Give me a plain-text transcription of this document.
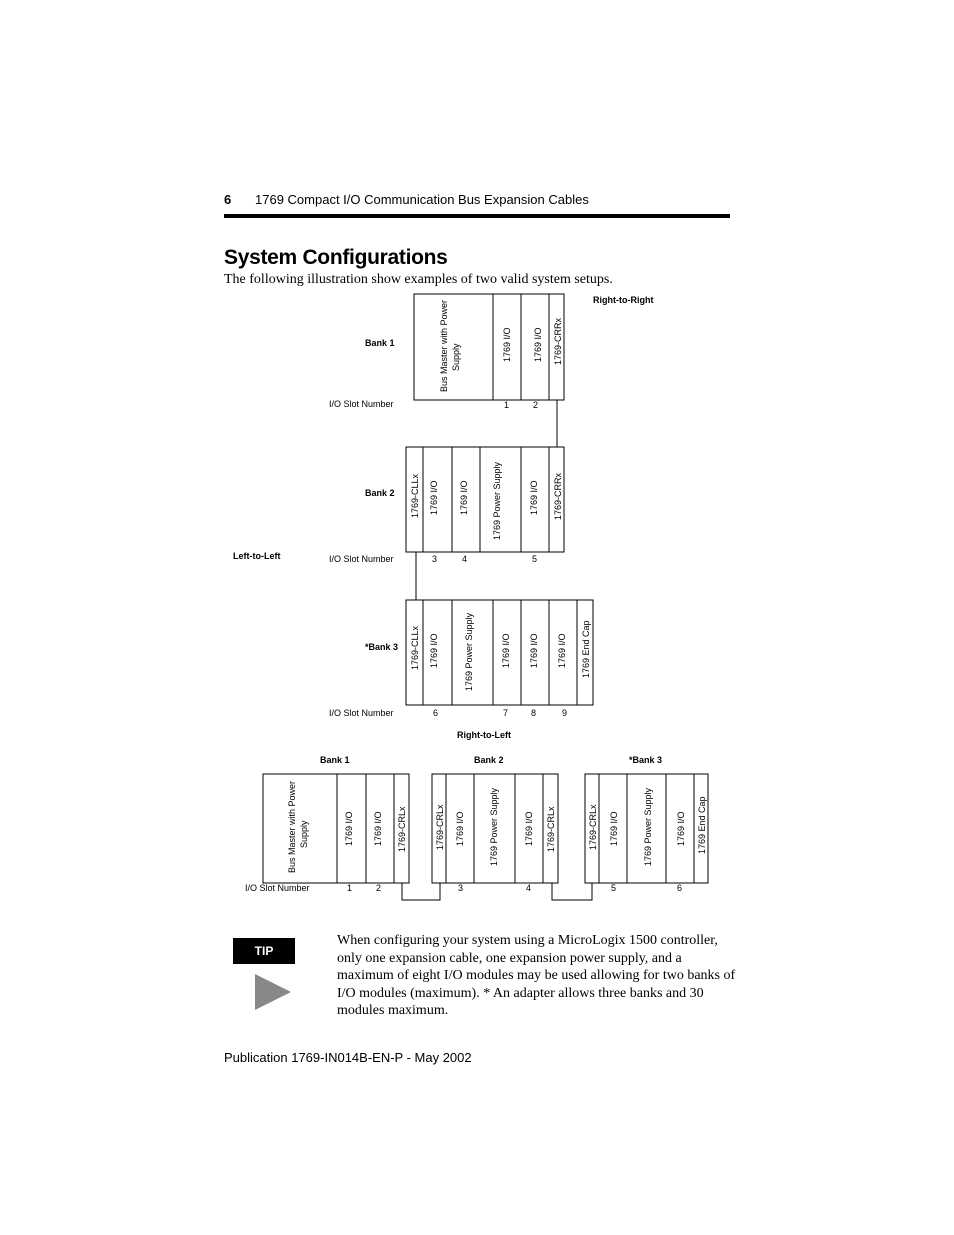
6 1769 Compact I/O Communication Bus Expansion Cables
System Configurations
The following illustration show examples of two valid system setups.
Right-to-Right
Bank 1
I/O Slot Number	1	2
Bus Master with Power Supply	1769 I/O 1769 I/O 1769-CRRx
Bank 2 1769-CLLx 1769 I/O 1769 I/O	1769 Power Supply	1769 I/O 1769-CRRx
Left-to-Left	I/O Slot Number	3	4	5
*Bank 3 1769-CLLx 1769 I/O	1769 Power Supply	1769 I/O 1769 I/O 1769 I/O 1769 End Cap
I/O Slot Number	6	7	8	9
Right-to-Left
Bank 1	Bank 2	*Bank 3
Bus Master with Power Supply	1769 I/O 1769 I/O 1769-CRLx	1769-CRLx 1769 I/O	1769 Power Supply	1769 I/O 1769-CRLx	1769-CRLx 1769 I/O	1769 Power Supply	1769 I/O 1769 End Cap
I/O Slot Number	1	2	3	4	5	6
TIP
When configuring your system using a MicroLogix 1500 controller, only one expansion cable, one expansion power supply, and a maximum of eight I/O modules may be used allowing for two banks of I/O modules (maximum). * An adapter allows three banks and 30 modules maximum.
Publication 1769-IN014B-EN-P - May 2002
